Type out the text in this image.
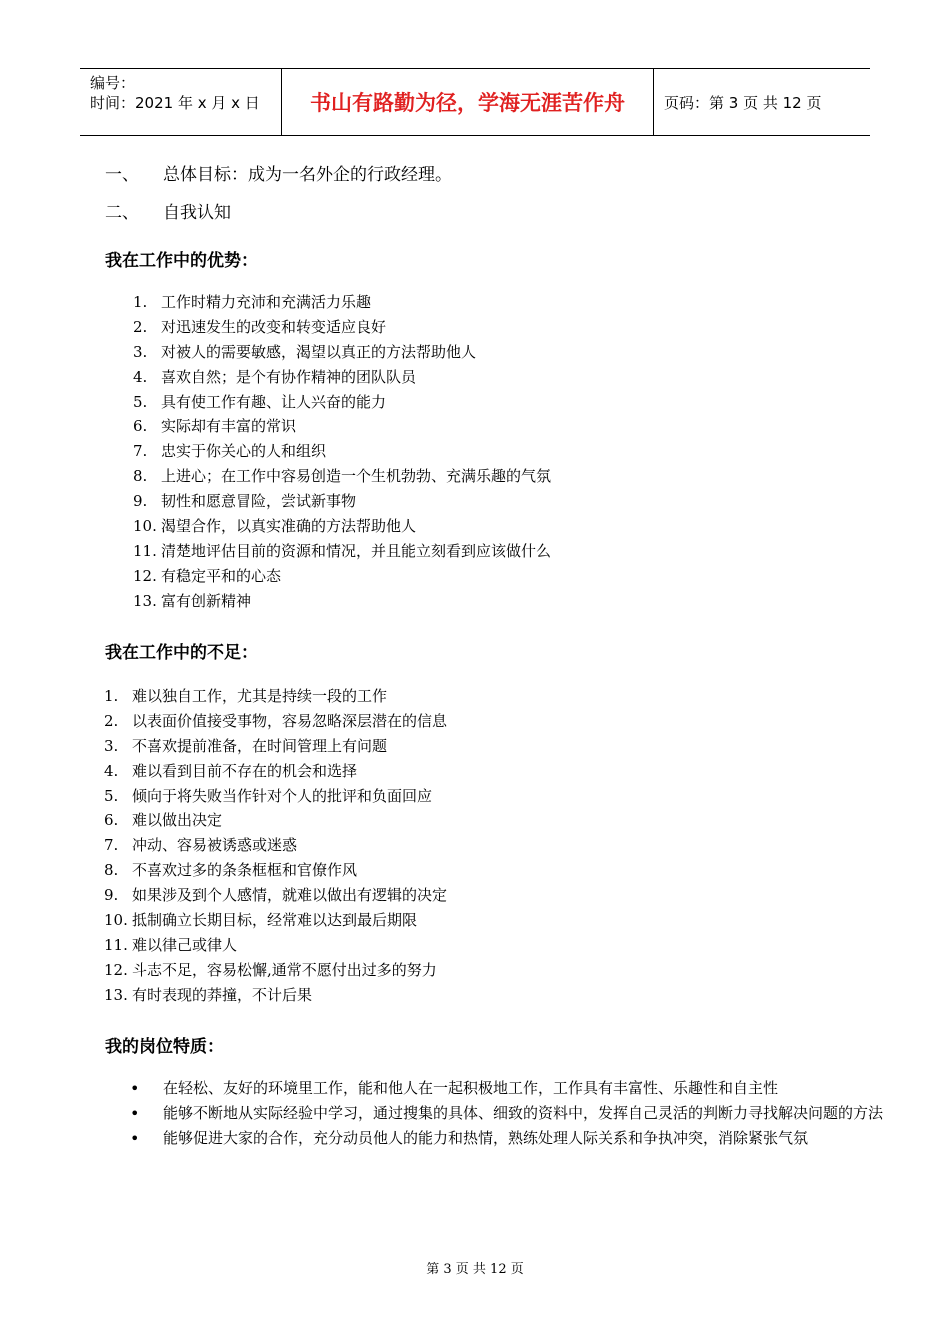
编号：
时间：2021 年 x 月 x 日	书山有路勤为径，学海无涯苦作舟	页码：第 3 页 共 12 页
一、 总体目标：成为一名外企的行政经理。
二、 自我认知
我在工作中的优势：
1. 工作时精力充沛和充满活力乐趣
2. 对迅速发生的改变和转变适应良好
3. 对被人的需要敏感，渴望以真正的方法帮助他人
4. 喜欢自然；是个有协作精神的团队队员
5. 具有使工作有趣、让人兴奋的能力
6. 实际却有丰富的常识
7. 忠实于你关心的人和组织
8. 上进心；在工作中容易创造一个生机勃勃、充满乐趣的气氛
9. 韧性和愿意冒险，尝试新事物
10. 渴望合作，以真实准确的方法帮助他人
11. 清楚地评估目前的资源和情况，并且能立刻看到应该做什么
12. 有稳定平和的心态
13. 富有创新精神
我在工作中的不足：
1. 难以独自工作，尤其是持续一段的工作
2. 以表面价值接受事物，容易忽略深层潜在的信息
3. 不喜欢提前准备，在时间管理上有问题
4. 难以看到目前不存在的机会和选择
5. 倾向于将失败当作针对个人的批评和负面回应
6. 难以做出决定
7. 冲动、容易被诱惑或迷惑
8. 不喜欢过多的条条框框和官僚作风
9. 如果涉及到个人感情，就难以做出有逻辑的决定
10. 抵制确立长期目标，经常难以达到最后期限
11. 难以律己或律人
12. 斗志不足，容易松懈,通常不愿付出过多的努力
13. 有时表现的莽撞，不计后果
我的岗位特质：
•	在轻松、友好的环境里工作，能和他人在一起积极地工作，工作具有丰富性、乐趣性和自主性
•	能够不断地从实际经验中学习，通过搜集的具体、细致的资料中，发挥自己灵活的判断力寻找解决问题的方法
•	能够促进大家的合作，充分动员他人的能力和热情，熟练处理人际关系和争执冲突，消除紧张气氛
第 3 页 共 12 页
